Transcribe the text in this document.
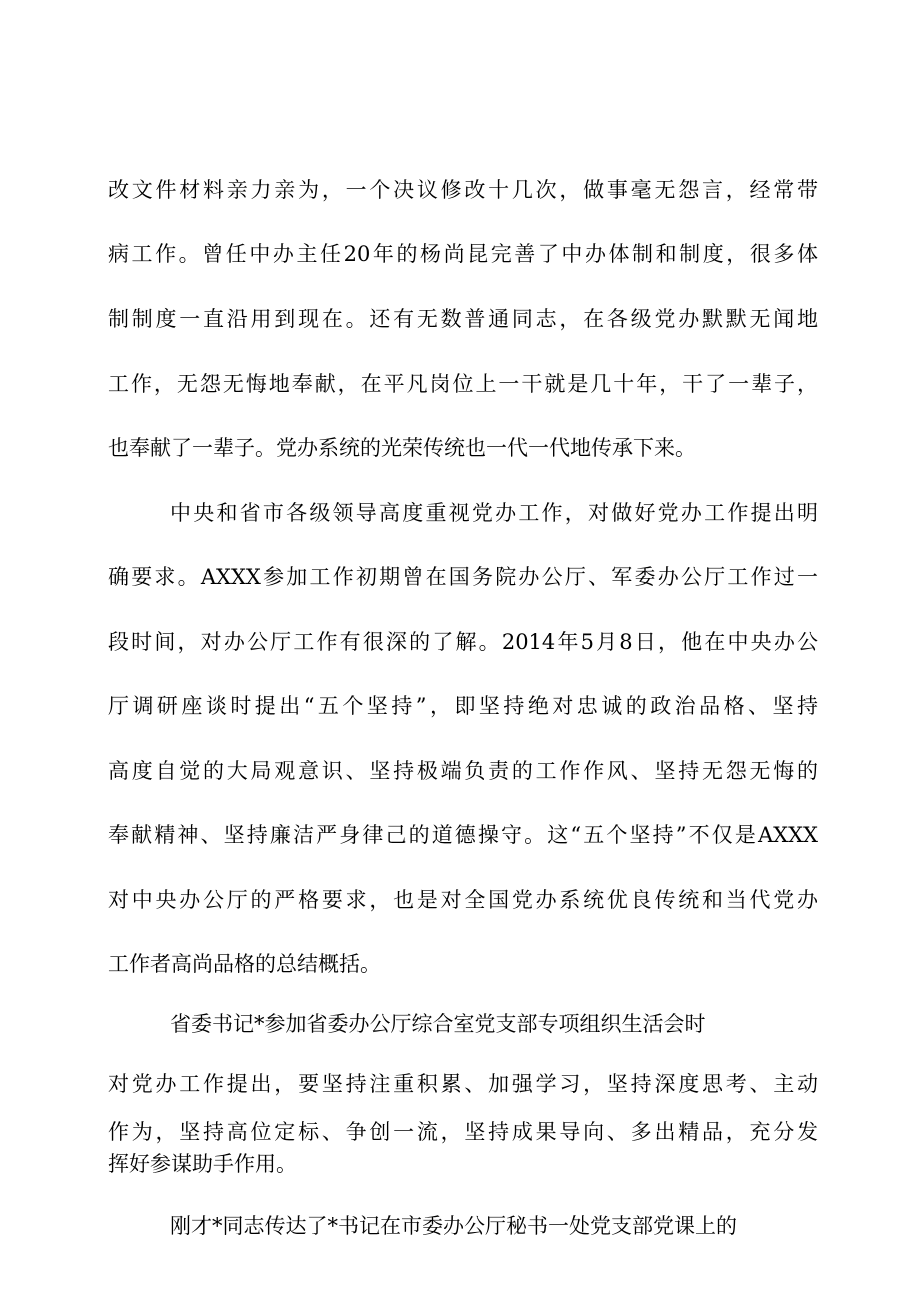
改文件材料亲力亲为，一个决议修改十几次，做事毫无怨言，经常带
病工作。曾任中办主任20年的杨尚昆完善了中办体制和制度，很多体
制制度一直沿用到现在。还有无数普通同志，在各级党办默默无闻地
工作，无怨无悔地奉献，在平凡岗位上一干就是几十年，干了一辈子，
也奉献了一辈子。党办系统的光荣传统也一代一代地传承下来。
中央和省市各级领导高度重视党办工作，对做好党办工作提出明
确要求。AXXX参加工作初期曾在国务院办公厅、军委办公厅工作过一
段时间，对办公厅工作有很深的了解。2014年5月8日，他在中央办公
厅调研座谈时提出“五个坚持”，即坚持绝对忠诚的政治品格、坚持
高度自觉的大局观意识、坚持极端负责的工作作风、坚持无怨无悔的
奉献精神、坚持廉洁严身律己的道德操守。这“五个坚持”不仅是AXXX
对中央办公厅的严格要求，也是对全国党办系统优良传统和当代党办
工作者高尚品格的总结概括。
省委书记*参加省委办公厅综合室党支部专项组织生活会时
对党办工作提出，要坚持注重积累、加强学习，坚持深度思考、主动
作为，坚持高位定标、争创一流，坚持成果导向、多出精品，充分发
挥好参谋助手作用。
刚才*同志传达了*书记在市委办公厅秘书一处党支部党课上的
